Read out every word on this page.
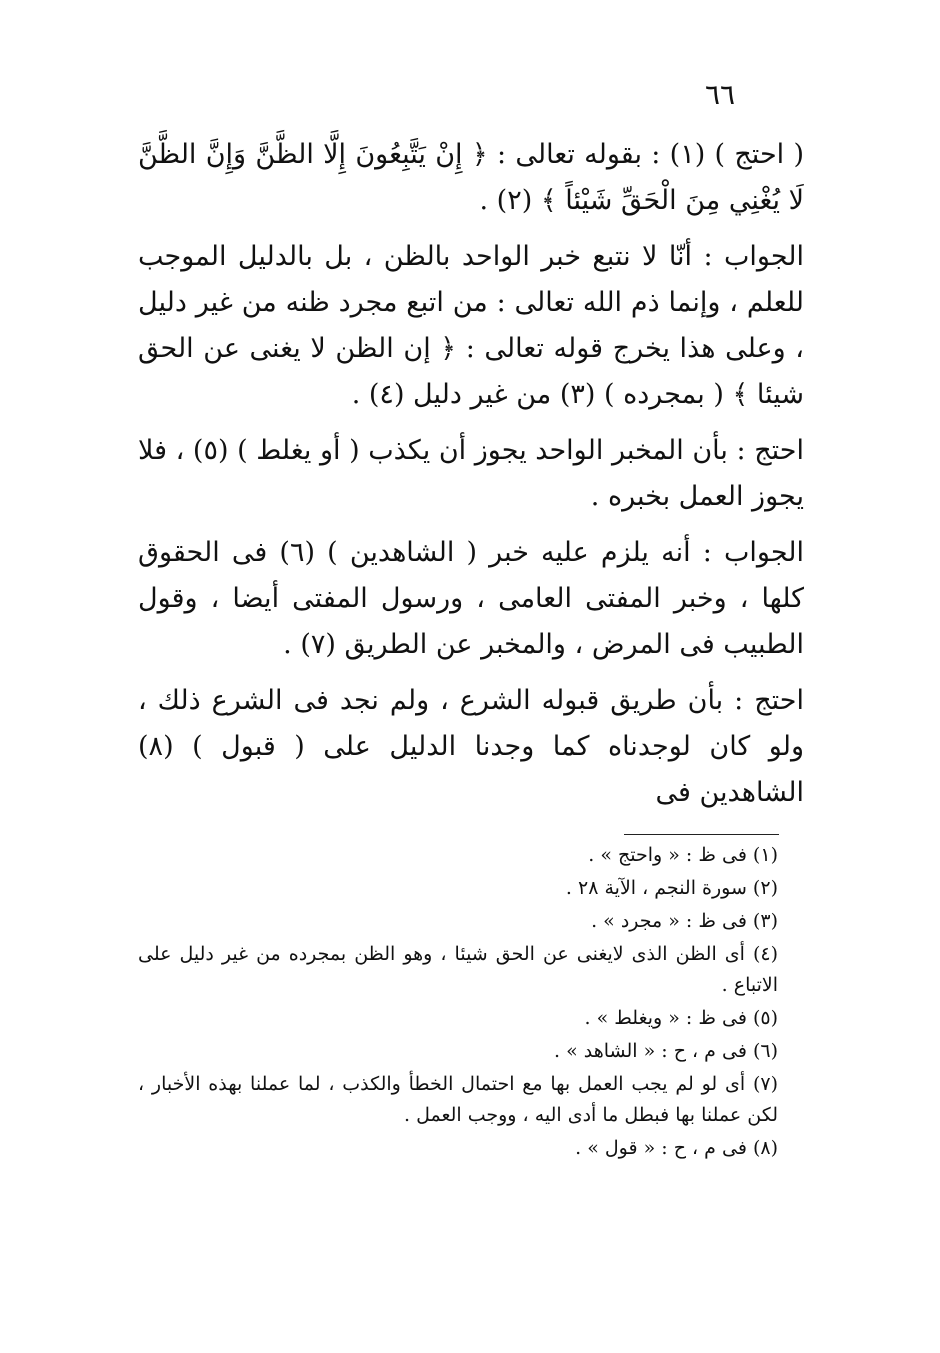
٦٦

( احتج ) (١) : بقوله تعالى : ﴿ إِنْ يَتَّبِعُونَ إِلَّا الظَّنَّ وَإِنَّ الظَّنَّ لَا يُغْنِي مِنَ الْحَقِّ شَيْئاً ﴾ (٢) .

الجواب : أنّا لا نتبع خبر الواحد بالظن ، بل بالدليل الموجب للعلم ، وإنما ذم الله تعالى : من اتبع مجرد ظنه من غير دليل ، وعلى هذا يخرج قوله تعالى : ﴿ إن الظن لا يغنى عن الحق شيئا ﴾ ( بمجرده ) (٣) من غير دليل (٤) .

احتج : بأن المخبر الواحد يجوز أن يكذب ( أو يغلط ) (٥) ، فلا يجوز العمل بخبره .

الجواب : أنه يلزم عليه خبر ( الشاهدين ) (٦) فى الحقوق كلها ، وخبر المفتى العامى ، ورسول المفتى أيضا ، وقول الطبيب فى المرض ، والمخبر عن الطريق (٧) .

احتج : بأن طريق قبوله الشرع ، ولم نجد فى الشرع ذلك ، ولو كان لوجدناه كما وجدنا الدليل على ( قبول ) (٨) الشاهدين فى

(١) فى ظ : « واحتج » .

(٢) سورة النجم ، الآية ٢٨ .

(٣) فى ظ : « مجرد » .

(٤) أى الظن الذى لايغنى عن الحق شيئا ، وهو الظن بمجرده من غير دليل على الاتباع .

(٥) فى ظ : « ويغلط » .

(٦) فى م ، ح : « الشاهد » .

(٧) أى لو لم يجب العمل بها مع احتمال الخطأ والكذب ، لما عملنا بهذه الأخبار ، لكن عملنا بها فبطل ما أدى اليه ، ووجب العمل .

(٨) فى م ، ح : « قول » .
